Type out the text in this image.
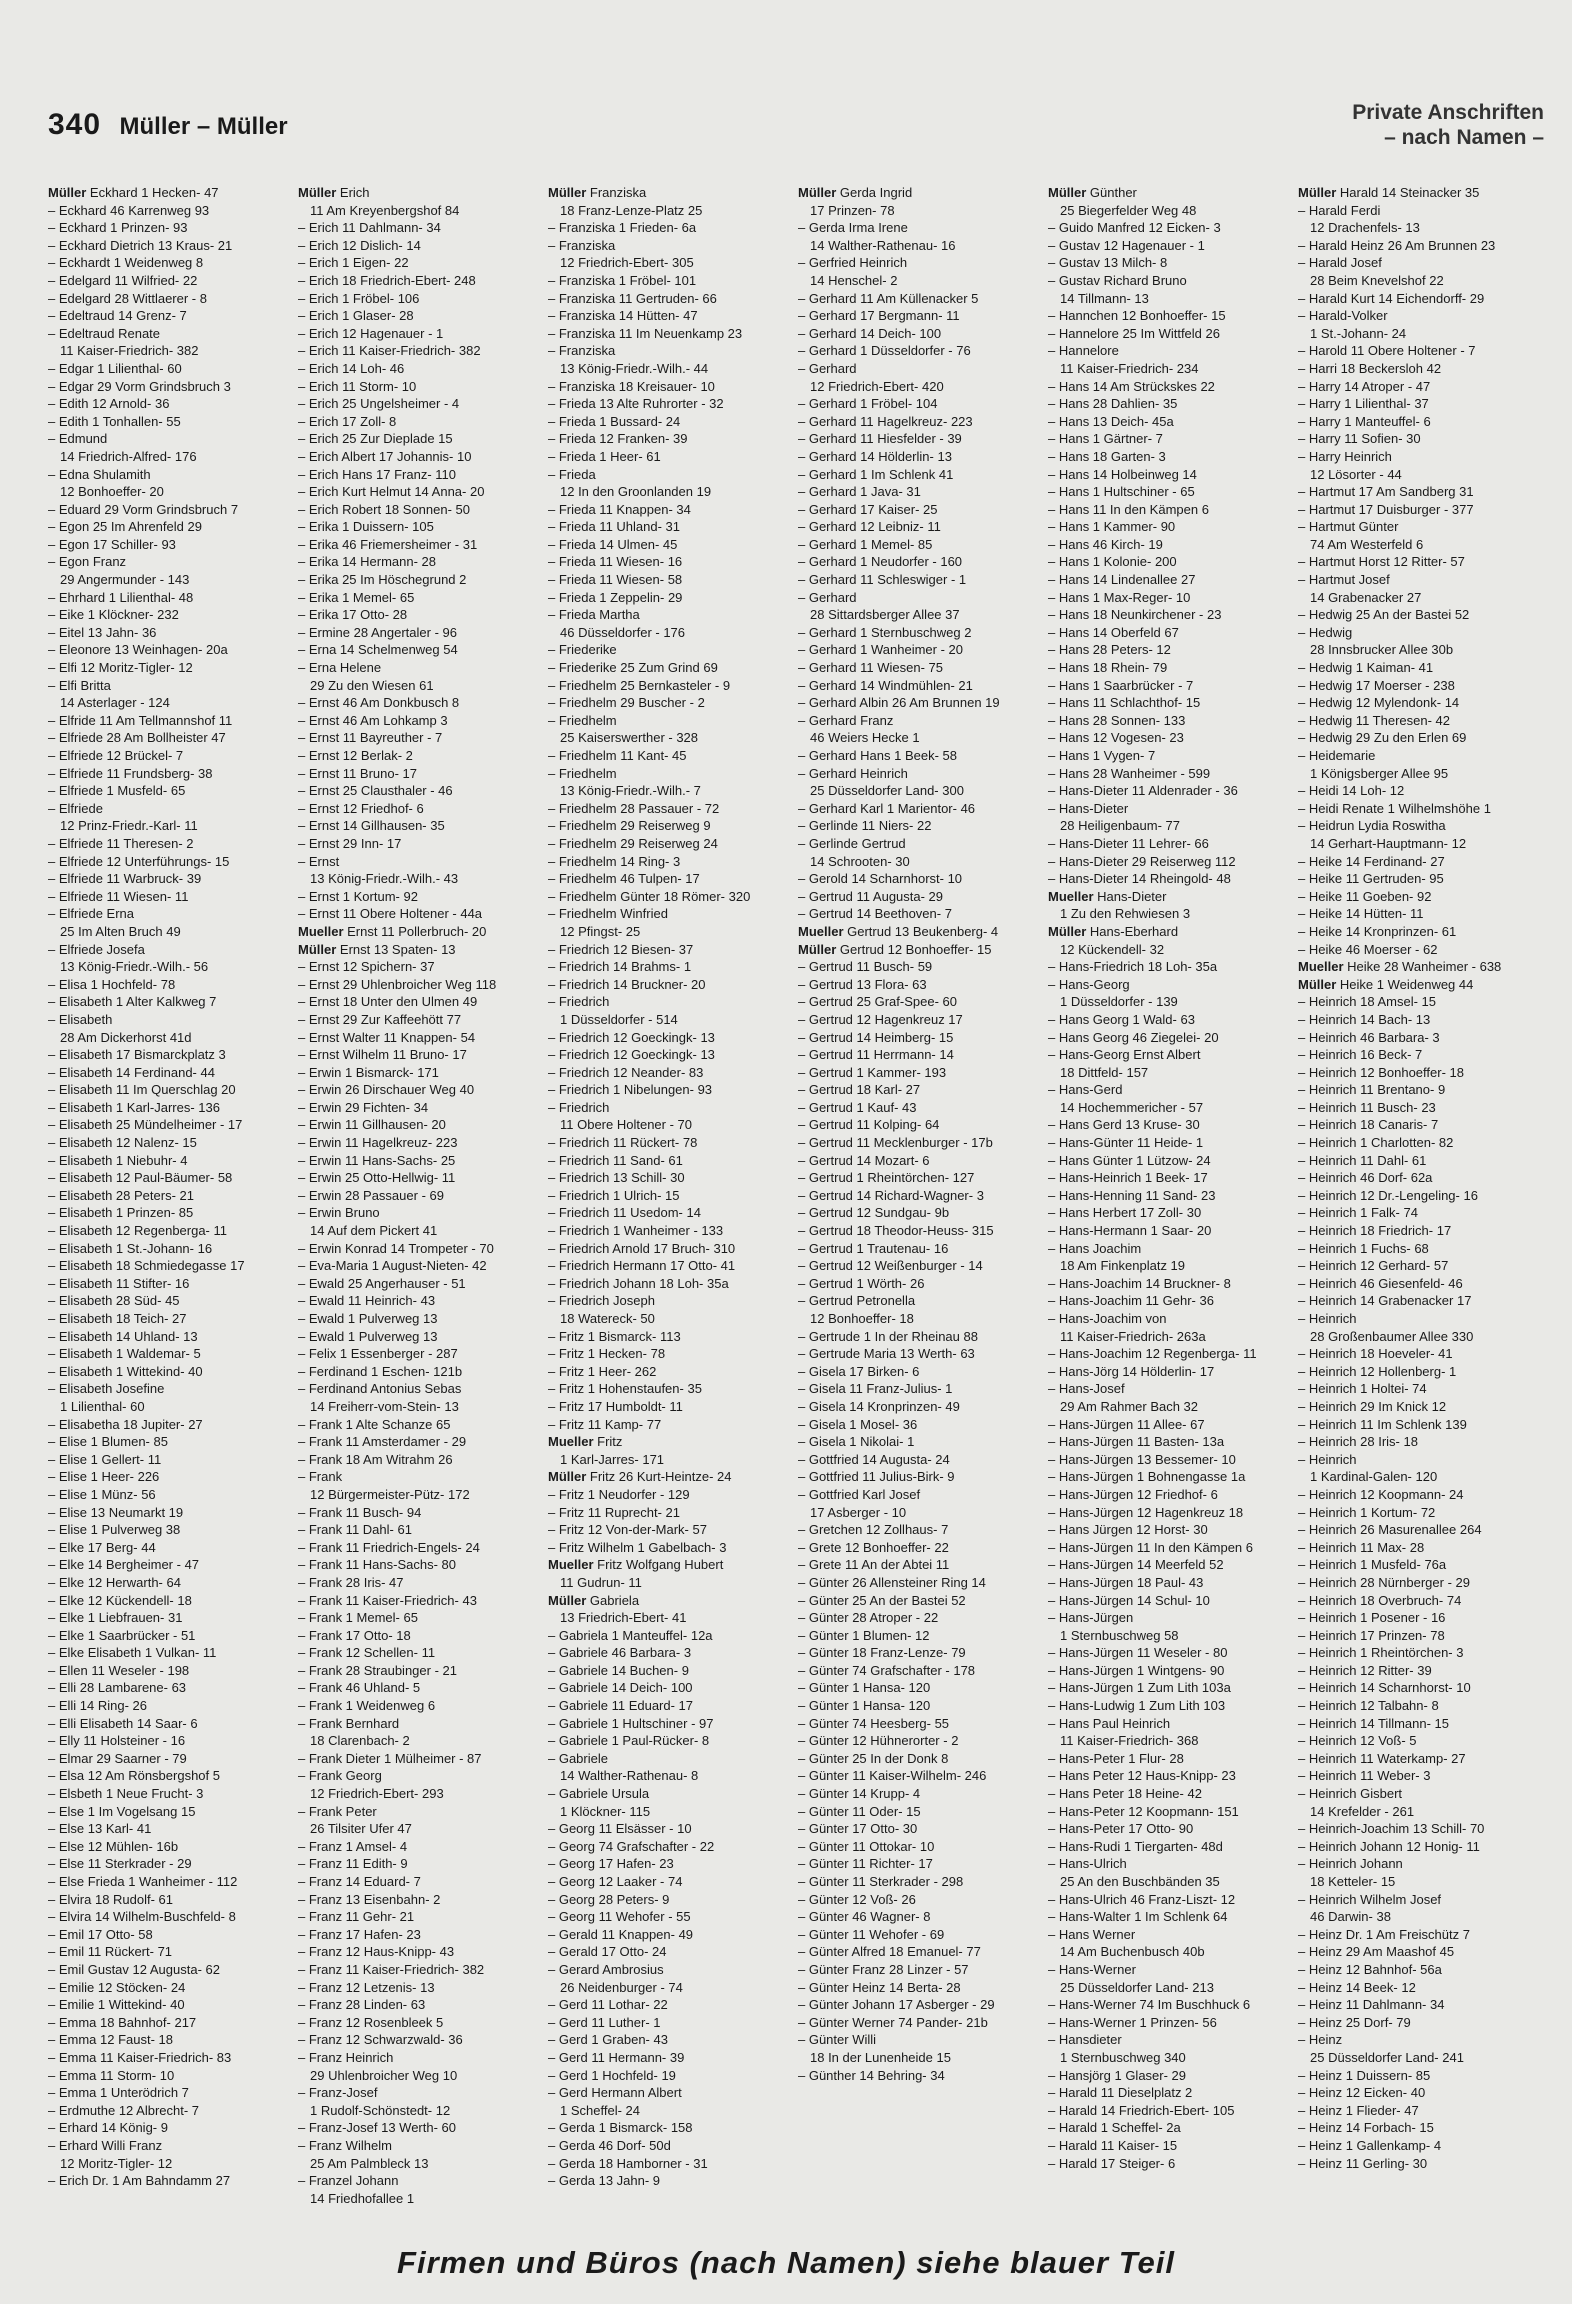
340 Müller – Müller
Private Anschriften
– nach Namen –
Müller Eckhard 1 Hecken- 47
– Eckhard 46 Karrenweg 93
– Eckhard 1 Prinzen- 93
– Eckhard Dietrich 13 Kraus- 21
– Eckhardt 1 Weidenweg 8
– Edelgard 11 Wilfried- 22
– Edelgard 28 Wittlaerer - 8
– Edeltraud 14 Grenz- 7
– Edeltraud Renate
11 Kaiser-Friedrich- 382
– Edgar 1 Lilienthal- 60
– Edgar 29 Vorm Grindsbruch 3
– Edith 12 Arnold- 36
– Edith 1 Tonhallen- 55
– Edmund
14 Friedrich-Alfred- 176
– Edna Shulamith
12 Bonhoeffer- 20
– Eduard 29 Vorm Grindsbruch 7
– Egon 25 Im Ahrenfeld 29
– Egon 17 Schiller- 93
– Egon Franz
29 Angermunder - 143
– Ehrhard 1 Lilienthal- 48
– Eike 1 Klöckner- 232
– Eitel 13 Jahn- 36
– Eleonore 13 Weinhagen- 20a
– Elfi 12 Moritz-Tigler- 12
– Elfi Britta
14 Asterlager - 124
– Elfride 11 Am Tellmannshof 11
– Elfriede 28 Am Bollheister 47
– Elfriede 12 Brückel- 7
– Elfriede 11 Frundsberg- 38
– Elfriede 1 Musfeld- 65
– Elfriede
12 Prinz-Friedr.-Karl- 11
– Elfriede 11 Theresen- 2
– Elfriede 12 Unterführungs- 15
– Elfriede 11 Warbruck- 39
– Elfriede 11 Wiesen- 11
– Elfriede Erna
25 Im Alten Bruch 49
– Elfriede Josefa
13 König-Friedr.-Wilh.- 56
– Elisa 1 Hochfeld- 78
– Elisabeth 1 Alter Kalkweg 7
– Elisabeth
28 Am Dickerhorst 41d
– Elisabeth 17 Bismarckplatz 3
– Elisabeth 14 Ferdinand- 44
– Elisabeth 11 Im Querschlag 20
– Elisabeth 1 Karl-Jarres- 136
– Elisabeth 25 Mündelheimer - 17
– Elisabeth 12 Nalenz- 15
– Elisabeth 1 Niebuhr- 4
– Elisabeth 12 Paul-Bäumer- 58
– Elisabeth 28 Peters- 21
– Elisabeth 1 Prinzen- 85
– Elisabeth 12 Regenberga- 11
– Elisabeth 1 St.-Johann- 16
– Elisabeth 18 Schmiedegasse 17
– Elisabeth 11 Stifter- 16
– Elisabeth 28 Süd- 45
– Elisabeth 18 Teich- 27
– Elisabeth 14 Uhland- 13
– Elisabeth 1 Waldemar- 5
– Elisabeth 1 Wittekind- 40
– Elisabeth Josefine
1 Lilienthal- 60
– Elisabetha 18 Jupiter- 27
– Elise 1 Blumen- 85
– Elise 1 Gellert- 11
– Elise 1 Heer- 226
– Elise 1 Münz- 56
– Elise 13 Neumarkt 19
– Elise 1 Pulverweg 38
– Elke 17 Berg- 44
– Elke 14 Bergheimer - 47
– Elke 12 Herwarth- 64
– Elke 12 Kückendell- 18
– Elke 1 Liebfrauen- 31
– Elke 1 Saarbrücker - 51
– Elke Elisabeth 1 Vulkan- 11
– Ellen 11 Weseler - 198
– Elli 28 Lambarene- 63
– Elli 14 Ring- 26
– Elli Elisabeth 14 Saar- 6
– Elly 11 Holsteiner - 16
– Elmar 29 Saarner - 79
– Elsa 12 Am Rönsbergshof 5
– Elsbeth 1 Neue Frucht- 3
– Else 1 Im Vogelsang 15
– Else 13 Karl- 41
– Else 12 Mühlen- 16b
– Else 11 Sterkrader - 29
– Else Frieda 1 Wanheimer - 112
– Elvira 18 Rudolf- 61
– Elvira 14 Wilhelm-Buschfeld- 8
– Emil 17 Otto- 58
– Emil 11 Rückert- 71
– Emil Gustav 12 Augusta- 62
– Emilie 12 Stöcken- 24
– Emilie 1 Wittekind- 40
– Emma 18 Bahnhof- 217
– Emma 12 Faust- 18
– Emma 11 Kaiser-Friedrich- 83
– Emma 11 Storm- 10
– Emma 1 Unterödrich 7
– Erdmuthe 12 Albrecht- 7
– Erhard 14 König- 9
– Erhard Willi Franz
12 Moritz-Tigler- 12
– Erich Dr. 1 Am Bahndamm 27
Müller Erich
11 Am Kreyenbergshof 84
– Erich 11 Dahlmann- 34
– Erich 12 Dislich- 14
– Erich 1 Eigen- 22
– Erich 18 Friedrich-Ebert- 248
– Erich 1 Fröbel- 106
– Erich 1 Glaser- 28
– Erich 12 Hagenauer - 1
– Erich 11 Kaiser-Friedrich- 382
– Erich 14 Loh- 46
– Erich 11 Storm- 10
– Erich 25 Ungelsheimer - 4
– Erich 17 Zoll- 8
– Erich 25 Zur Dieplade 15
– Erich Albert 17 Johannis- 10
– Erich Hans 17 Franz- 110
– Erich Kurt Helmut 14 Anna- 20
– Erich Robert 18 Sonnen- 50
– Erika 1 Duissern- 105
– Erika 46 Friemersheimer - 31
– Erika 14 Hermann- 28
– Erika 25 Im Höschegrund 2
– Erika 1 Memel- 65
– Erika 17 Otto- 28
– Ermine 28 Angertaler - 96
– Erna 14 Schelmenweg 54
– Erna Helene
29 Zu den Wiesen 61
– Ernst 46 Am Donkbusch 8
– Ernst 46 Am Lohkamp 3
– Ernst 11 Bayreuther - 7
– Ernst 12 Berlak- 2
– Ernst 11 Bruno- 17
– Ernst 25 Clausthaler - 46
– Ernst 12 Friedhof- 6
– Ernst 14 Gillhausen- 35
– Ernst 29 Inn- 17
– Ernst
13 König-Friedr.-Wilh.- 43
– Ernst 1 Kortum- 92
– Ernst 11 Obere Holtener - 44a
Mueller Ernst 11 Pollerbruch- 20
Müller Ernst 13 Spaten- 13
– Ernst 12 Spichern- 37
– Ernst 29 Uhlenbroicher Weg 118
– Ernst 18 Unter den Ulmen 49
– Ernst 29 Zur Kaffeehött 77
– Ernst Walter 11 Knappen- 54
– Ernst Wilhelm 11 Bruno- 17
– Erwin 1 Bismarck- 171
– Erwin 26 Dirschauer Weg 40
– Erwin 29 Fichten- 34
– Erwin 11 Gillhausen- 20
– Erwin 11 Hagelkreuz- 223
– Erwin 11 Hans-Sachs- 25
– Erwin 25 Otto-Hellwig- 11
– Erwin 28 Passauer - 69
– Erwin Bruno
14 Auf dem Pickert 41
– Erwin Konrad 14 Trompeter - 70
– Eva-Maria 1 August-Nieten- 42
– Ewald 25 Angerhauser - 51
– Ewald 11 Heinrich- 43
– Ewald 1 Pulverweg 13
– Ewald 1 Pulverweg 13
– Felix 1 Essenberger - 287
– Ferdinand 1 Eschen- 121b
– Ferdinand Antonius Sebas
14 Freiherr-vom-Stein- 13
– Frank 1 Alte Schanze 65
– Frank 11 Amsterdamer - 29
– Frank 18 Am Witrahm 26
– Frank
12 Bürgermeister-Pütz- 172
– Frank 11 Busch- 94
– Frank 11 Dahl- 61
– Frank 11 Friedrich-Engels- 24
– Frank 11 Hans-Sachs- 80
– Frank 28 Iris- 47
– Frank 11 Kaiser-Friedrich- 43
– Frank 1 Memel- 65
– Frank 17 Otto- 18
– Frank 12 Schellen- 11
– Frank 28 Straubinger - 21
– Frank 46 Uhland- 5
– Frank 1 Weidenweg 6
– Frank Bernhard
18 Clarenbach- 2
– Frank Dieter 1 Mülheimer - 87
– Frank Georg
12 Friedrich-Ebert- 293
– Frank Peter
26 Tilsiter Ufer 47
– Franz 1 Amsel- 4
– Franz 11 Edith- 9
– Franz 14 Eduard- 7
– Franz 13 Eisenbahn- 2
– Franz 11 Gehr- 21
– Franz 17 Hafen- 23
– Franz 12 Haus-Knipp- 43
– Franz 11 Kaiser-Friedrich- 382
– Franz 12 Letzenis- 13
– Franz 28 Linden- 63
– Franz 12 Rosenbleek 5
– Franz 12 Schwarzwald- 36
– Franz Heinrich
29 Uhlenbroicher Weg 10
– Franz-Josef
1 Rudolf-Schönstedt- 12
– Franz-Josef 13 Werth- 60
– Franz Wilhelm
25 Am Palmbleck 13
– Franzel Johann
14 Friedhofallee 1
Müller Franziska
18 Franz-Lenze-Platz 25
– Franziska 1 Frieden- 6a
– Franziska
12 Friedrich-Ebert- 305
– Franziska 1 Fröbel- 101
– Franziska 11 Gertruden- 66
– Franziska 14 Hütten- 47
– Franziska 11 Im Neuenkamp 23
– Franziska
13 König-Friedr.-Wilh.- 44
– Franziska 18 Kreisauer- 10
– Frieda 13 Alte Ruhrorter - 32
– Frieda 1 Bussard- 24
– Frieda 12 Franken- 39
– Frieda 1 Heer- 61
– Frieda
12 In den Groonlanden 19
– Frieda 11 Knappen- 34
– Frieda 11 Uhland- 31
– Frieda 14 Ulmen- 45
– Frieda 11 Wiesen- 16
– Frieda 11 Wiesen- 58
– Frieda 1 Zeppelin- 29
– Frieda Martha
46 Düsseldorfer - 176
– Friederike
– Friederike 25 Zum Grind 69
– Friedhelm 25 Bernkasteler - 9
– Friedhelm 29 Buscher - 2
– Friedhelm
25 Kaiserswerther - 328
– Friedhelm 11 Kant- 45
– Friedhelm
13 König-Friedr.-Wilh.- 7
– Friedhelm 28 Passauer - 72
– Friedhelm 29 Reiserweg 9
– Friedhelm 29 Reiserweg 24
– Friedhelm 14 Ring- 3
– Friedhelm 46 Tulpen- 17
– Friedhelm Günter 18 Römer- 320
– Friedhelm Winfried
12 Pfingst- 25
– Friedrich 12 Biesen- 37
– Friedrich 14 Brahms- 1
– Friedrich 14 Bruckner- 20
– Friedrich
1 Düsseldorfer - 514
– Friedrich 12 Goeckingk- 13
– Friedrich 12 Goeckingk- 13
– Friedrich 12 Neander- 83
– Friedrich 1 Nibelungen- 93
– Friedrich
11 Obere Holtener - 70
– Friedrich 11 Rückert- 78
– Friedrich 11 Sand- 61
– Friedrich 13 Schill- 30
– Friedrich 1 Ulrich- 15
– Friedrich 11 Usedom- 14
– Friedrich 1 Wanheimer - 133
– Friedrich Arnold 17 Bruch- 310
– Friedrich Hermann 17 Otto- 41
– Friedrich Johann 18 Loh- 35a
– Friedrich Joseph
18 Watereck- 50
– Fritz 1 Bismarck- 113
– Fritz 1 Hecken- 78
– Fritz 1 Heer- 262
– Fritz 1 Hohenstaufen- 35
– Fritz 17 Humboldt- 11
– Fritz 11 Kamp- 77
Mueller Fritz
1 Karl-Jarres- 171
Müller Fritz 26 Kurt-Heintze- 24
– Fritz 1 Neudorfer - 129
– Fritz 11 Ruprecht- 21
– Fritz 12 Von-der-Mark- 57
– Fritz Wilhelm 1 Gabelbach- 3
Mueller Fritz Wolfgang Hubert
11 Gudrun- 11
Müller Gabriela
13 Friedrich-Ebert- 41
– Gabriela 1 Manteuffel- 12a
– Gabriele 46 Barbara- 3
– Gabriele 14 Buchen- 9
– Gabriele 14 Deich- 100
– Gabriele 11 Eduard- 17
– Gabriele 1 Hultschiner - 97
– Gabriele 1 Paul-Rücker- 8
– Gabriele
14 Walther-Rathenau- 8
– Gabriele Ursula
1 Klöckner- 115
– Georg 11 Elsässer - 10
– Georg 74 Grafschafter - 22
– Georg 17 Hafen- 23
– Georg 12 Laaker - 74
– Georg 28 Peters- 9
– Georg 11 Wehofer - 55
– Gerald 11 Knappen- 49
– Gerald 17 Otto- 24
– Gerard Ambrosius
26 Neidenburger - 74
– Gerd 11 Lothar- 22
– Gerd 11 Luther- 1
– Gerd 1 Graben- 43
– Gerd 11 Hermann- 39
– Gerd 1 Hochfeld- 19
– Gerd Hermann Albert
1 Scheffel- 24
– Gerda 1 Bismarck- 158
– Gerda 46 Dorf- 50d
– Gerda 18 Hamborner - 31
– Gerda 13 Jahn- 9
Müller Gerda Ingrid
17 Prinzen- 78
– Gerda Irma Irene
14 Walther-Rathenau- 16
– Gerfried Heinrich
14 Henschel- 2
– Gerhard 11 Am Küllenacker 5
– Gerhard 17 Bergmann- 11
– Gerhard 14 Deich- 100
– Gerhard 1 Düsseldorfer - 76
– Gerhard
12 Friedrich-Ebert- 420
– Gerhard 1 Fröbel- 104
– Gerhard 11 Hagelkreuz- 223
– Gerhard 11 Hiesfelder - 39
– Gerhard 14 Hölderlin- 13
– Gerhard 1 Im Schlenk 41
– Gerhard 1 Java- 31
– Gerhard 17 Kaiser- 25
– Gerhard 12 Leibniz- 11
– Gerhard 1 Memel- 85
– Gerhard 1 Neudorfer - 160
– Gerhard 11 Schleswiger - 1
– Gerhard
28 Sittardsberger Allee 37
– Gerhard 1 Sternbuschweg 2
– Gerhard 1 Wanheimer - 20
– Gerhard 11 Wiesen- 75
– Gerhard 14 Windmühlen- 21
– Gerhard Albin 26 Am Brunnen 19
– Gerhard Franz
46 Weiers Hecke 1
– Gerhard Hans 1 Beek- 58
– Gerhard Heinrich
25 Düsseldorfer Land- 300
– Gerhard Karl 1 Marientor- 46
– Gerlinde 11 Niers- 22
– Gerlinde Gertrud
14 Schrooten- 30
– Gerold 14 Scharnhorst- 10
– Gertrud 11 Augusta- 29
– Gertrud 14 Beethoven- 7
Mueller Gertrud 13 Beukenberg- 4
Müller Gertrud 12 Bonhoeffer- 15
– Gertrud 11 Busch- 59
– Gertrud 13 Flora- 63
– Gertrud 25 Graf-Spee- 60
– Gertrud 12 Hagenkreuz 17
– Gertrud 14 Heimberg- 15
– Gertrud 11 Herrmann- 14
– Gertrud 1 Kammer- 193
– Gertrud 18 Karl- 27
– Gertrud 1 Kauf- 43
– Gertrud 11 Kolping- 64
– Gertrud 11 Mecklenburger - 17b
– Gertrud 14 Mozart- 6
– Gertrud 1 Rheintörchen- 127
– Gertrud 14 Richard-Wagner- 3
– Gertrud 12 Sundgau- 9b
– Gertrud 18 Theodor-Heuss- 315
– Gertrud 1 Trautenau- 16
– Gertrud 12 Weißenburger - 14
– Gertrud 1 Wörth- 26
– Gertrud Petronella
12 Bonhoeffer- 18
– Gertrude 1 In der Rheinau 88
– Gertrude Maria 13 Werth- 63
– Gisela 17 Birken- 6
– Gisela 11 Franz-Julius- 1
– Gisela 14 Kronprinzen- 49
– Gisela 1 Mosel- 36
– Gisela 1 Nikolai- 1
– Gottfried 14 Augusta- 24
– Gottfried 11 Julius-Birk- 9
– Gottfried Karl Josef
17 Asberger - 10
– Gretchen 12 Zollhaus- 7
– Grete 12 Bonhoeffer- 22
– Grete 11 An der Abtei 11
– Günter 26 Allensteiner Ring 14
– Günter 25 An der Bastei 52
– Günter 28 Atroper - 22
– Günter 1 Blumen- 12
– Günter 18 Franz-Lenze- 79
– Günter 74 Grafschafter - 178
– Günter 1 Hansa- 120
– Günter 1 Hansa- 120
– Günter 74 Heesberg- 55
– Günter 12 Hühnerorter - 2
– Günter 25 In der Donk 8
– Günter 11 Kaiser-Wilhelm- 246
– Günter 14 Krupp- 4
– Günter 11 Oder- 15
– Günter 17 Otto- 30
– Günter 11 Ottokar- 10
– Günter 11 Richter- 17
– Günter 11 Sterkrader - 298
– Günter 12 Voß- 26
– Günter 46 Wagner- 8
– Günter 11 Wehofer - 69
– Günter Alfred 18 Emanuel- 77
– Günter Franz 28 Linzer - 57
– Günter Heinz 14 Berta- 28
– Günter Johann 17 Asberger - 29
– Günter Werner 74 Pander- 21b
– Günter Willi
18 In der Lunenheide 15
– Günther 14 Behring- 34
Müller Günther
25 Biegerfelder Weg 48
– Guido Manfred 12 Eicken- 3
– Gustav 12 Hagenauer - 1
– Gustav 13 Milch- 8
– Gustav Richard Bruno
14 Tillmann- 13
– Hannchen 12 Bonhoeffer- 15
– Hannelore 25 Im Wittfeld 26
– Hannelore
11 Kaiser-Friedrich- 234
– Hans 14 Am Strückskes 22
– Hans 28 Dahlien- 35
– Hans 13 Deich- 45a
– Hans 1 Gärtner- 7
– Hans 18 Garten- 3
– Hans 14 Holbeinweg 14
– Hans 1 Hultschiner - 65
– Hans 11 In den Kämpen 6
– Hans 1 Kammer- 90
– Hans 46 Kirch- 19
– Hans 1 Kolonie- 200
– Hans 14 Lindenallee 27
– Hans 1 Max-Reger- 10
– Hans 18 Neunkirchener - 23
– Hans 14 Oberfeld 67
– Hans 28 Peters- 12
– Hans 18 Rhein- 79
– Hans 1 Saarbrücker - 7
– Hans 11 Schlachthof- 15
– Hans 28 Sonnen- 133
– Hans 12 Vogesen- 23
– Hans 1 Vygen- 7
– Hans 28 Wanheimer - 599
– Hans-Dieter 11 Aldenrader - 36
– Hans-Dieter
28 Heiligenbaum- 77
– Hans-Dieter 11 Lehrer- 66
– Hans-Dieter 29 Reiserweg 112
– Hans-Dieter 14 Rheingold- 48
Mueller Hans-Dieter
1 Zu den Rehwiesen 3
Müller Hans-Eberhard
12 Kückendell- 32
– Hans-Friedrich 18 Loh- 35a
– Hans-Georg
1 Düsseldorfer - 139
– Hans Georg 1 Wald- 63
– Hans Georg 46 Ziegelei- 20
– Hans-Georg Ernst Albert
18 Dittfeld- 157
– Hans-Gerd
14 Hochemmericher - 57
– Hans Gerd 13 Kruse- 30
– Hans-Günter 11 Heide- 1
– Hans Günter 1 Lützow- 24
– Hans-Heinrich 1 Beek- 17
– Hans-Henning 11 Sand- 23
– Hans Herbert 17 Zoll- 30
– Hans-Hermann 1 Saar- 20
– Hans Joachim
18 Am Finkenplatz 19
– Hans-Joachim 14 Bruckner- 8
– Hans-Joachim 11 Gehr- 36
– Hans-Joachim von
11 Kaiser-Friedrich- 263a
– Hans-Joachim 12 Regenberga- 11
– Hans-Jörg 14 Hölderlin- 17
– Hans-Josef
29 Am Rahmer Bach 32
– Hans-Jürgen 11 Allee- 67
– Hans-Jürgen 11 Basten- 13a
– Hans-Jürgen 13 Bessemer- 10
– Hans-Jürgen 1 Bohnengasse 1a
– Hans-Jürgen 12 Friedhof- 6
– Hans-Jürgen 12 Hagenkreuz 18
– Hans Jürgen 12 Horst- 30
– Hans-Jürgen 11 In den Kämpen 6
– Hans-Jürgen 14 Meerfeld 52
– Hans-Jürgen 18 Paul- 43
– Hans-Jürgen 14 Schul- 10
– Hans-Jürgen
1 Sternbuschweg 58
– Hans-Jürgen 11 Weseler - 80
– Hans-Jürgen 1 Wintgens- 90
– Hans-Jürgen 1 Zum Lith 103a
– Hans-Ludwig 1 Zum Lith 103
– Hans Paul Heinrich
11 Kaiser-Friedrich- 368
– Hans-Peter 1 Flur- 28
– Hans Peter 12 Haus-Knipp- 23
– Hans Peter 18 Heine- 42
– Hans-Peter 12 Koopmann- 151
– Hans-Peter 17 Otto- 90
– Hans-Rudi 1 Tiergarten- 48d
– Hans-Ulrich
25 An den Buschbänden 35
– Hans-Ulrich 46 Franz-Liszt- 12
– Hans-Walter 1 Im Schlenk 64
– Hans Werner
14 Am Buchenbusch 40b
– Hans-Werner
25 Düsseldorfer Land- 213
– Hans-Werner 74 Im Buschhuck 6
– Hans-Werner 1 Prinzen- 56
– Hansdieter
1 Sternbuschweg 340
– Hansjörg 1 Glaser- 29
– Harald 11 Dieselplatz 2
– Harald 14 Friedrich-Ebert- 105
– Harald 1 Scheffel- 2a
– Harald 11 Kaiser- 15
– Harald 17 Steiger- 6
Müller Harald 14 Steinacker 35
– Harald Ferdi
12 Drachenfels- 13
– Harald Heinz 26 Am Brunnen 23
– Harald Josef
28 Beim Knevelshof 22
– Harald Kurt 14 Eichendorff- 29
– Harald-Volker
1 St.-Johann- 24
– Harold 11 Obere Holtener - 7
– Harri 18 Beckersloh 42
– Harry 14 Atroper - 47
– Harry 1 Lilienthal- 37
– Harry 1 Manteuffel- 6
– Harry 11 Sofien- 30
– Harry Heinrich
12 Lösorter - 44
– Hartmut 17 Am Sandberg 31
– Hartmut 17 Duisburger - 377
– Hartmut Günter
74 Am Westerfeld 6
– Hartmut Horst 12 Ritter- 57
– Hartmut Josef
14 Grabenacker 27
– Hedwig 25 An der Bastei 52
– Hedwig
28 Innsbrucker Allee 30b
– Hedwig 1 Kaiman- 41
– Hedwig 17 Moerser - 238
– Hedwig 12 Mylendonk- 14
– Hedwig 11 Theresen- 42
– Hedwig 29 Zu den Erlen 69
– Heidemarie
1 Königsberger Allee 95
– Heidi 14 Loh- 12
– Heidi Renate 1 Wilhelmshöhe 1
– Heidrun Lydia Roswitha
14 Gerhart-Hauptmann- 12
– Heike 14 Ferdinand- 27
– Heike 11 Gertruden- 95
– Heike 11 Goeben- 92
– Heike 14 Hütten- 11
– Heike 14 Kronprinzen- 61
– Heike 46 Moerser - 62
Mueller Heike 28 Wanheimer - 638
Müller Heike 1 Weidenweg 44
– Heinrich 18 Amsel- 15
– Heinrich 14 Bach- 13
– Heinrich 46 Barbara- 3
– Heinrich 16 Beck- 7
– Heinrich 12 Bonhoeffer- 18
– Heinrich 11 Brentano- 9
– Heinrich 11 Busch- 23
– Heinrich 18 Canaris- 7
– Heinrich 1 Charlotten- 82
– Heinrich 11 Dahl- 61
– Heinrich 46 Dorf- 62a
– Heinrich 12 Dr.-Lengeling- 16
– Heinrich 1 Falk- 74
– Heinrich 18 Friedrich- 17
– Heinrich 1 Fuchs- 68
– Heinrich 12 Gerhard- 57
– Heinrich 46 Giesenfeld- 46
– Heinrich 14 Grabenacker 17
– Heinrich
28 Großenbaumer Allee 330
– Heinrich 18 Hoeveler- 41
– Heinrich 12 Hollenberg- 1
– Heinrich 1 Holtei- 74
– Heinrich 29 Im Knick 12
– Heinrich 11 Im Schlenk 139
– Heinrich 28 Iris- 18
– Heinrich
1 Kardinal-Galen- 120
– Heinrich 12 Koopmann- 24
– Heinrich 1 Kortum- 72
– Heinrich 26 Masurenallee 264
– Heinrich 11 Max- 28
– Heinrich 1 Musfeld- 76a
– Heinrich 28 Nürnberger - 29
– Heinrich 18 Overbruch- 74
– Heinrich 1 Posener - 16
– Heinrich 17 Prinzen- 78
– Heinrich 1 Rheintörchen- 3
– Heinrich 12 Ritter- 39
– Heinrich 14 Scharnhorst- 10
– Heinrich 12 Talbahn- 8
– Heinrich 14 Tillmann- 15
– Heinrich 12 Voß- 5
– Heinrich 11 Waterkamp- 27
– Heinrich 11 Weber- 3
– Heinrich Gisbert
14 Krefelder - 261
– Heinrich-Joachim 13 Schill- 70
– Heinrich Johann 12 Honig- 11
– Heinrich Johann
18 Ketteler- 15
– Heinrich Wilhelm Josef
46 Darwin- 38
– Heinz Dr. 1 Am Freischütz 7
– Heinz 29 Am Maashof 45
– Heinz 12 Bahnhof- 56a
– Heinz 14 Beek- 12
– Heinz 11 Dahlmann- 34
– Heinz 25 Dorf- 79
– Heinz
25 Düsseldorfer Land- 241
– Heinz 1 Duissern- 85
– Heinz 12 Eicken- 40
– Heinz 1 Flieder- 47
– Heinz 14 Forbach- 15
– Heinz 1 Gallenkamp- 4
– Heinz 11 Gerling- 30
Firmen und Büros (nach Namen) siehe blauer Teil
